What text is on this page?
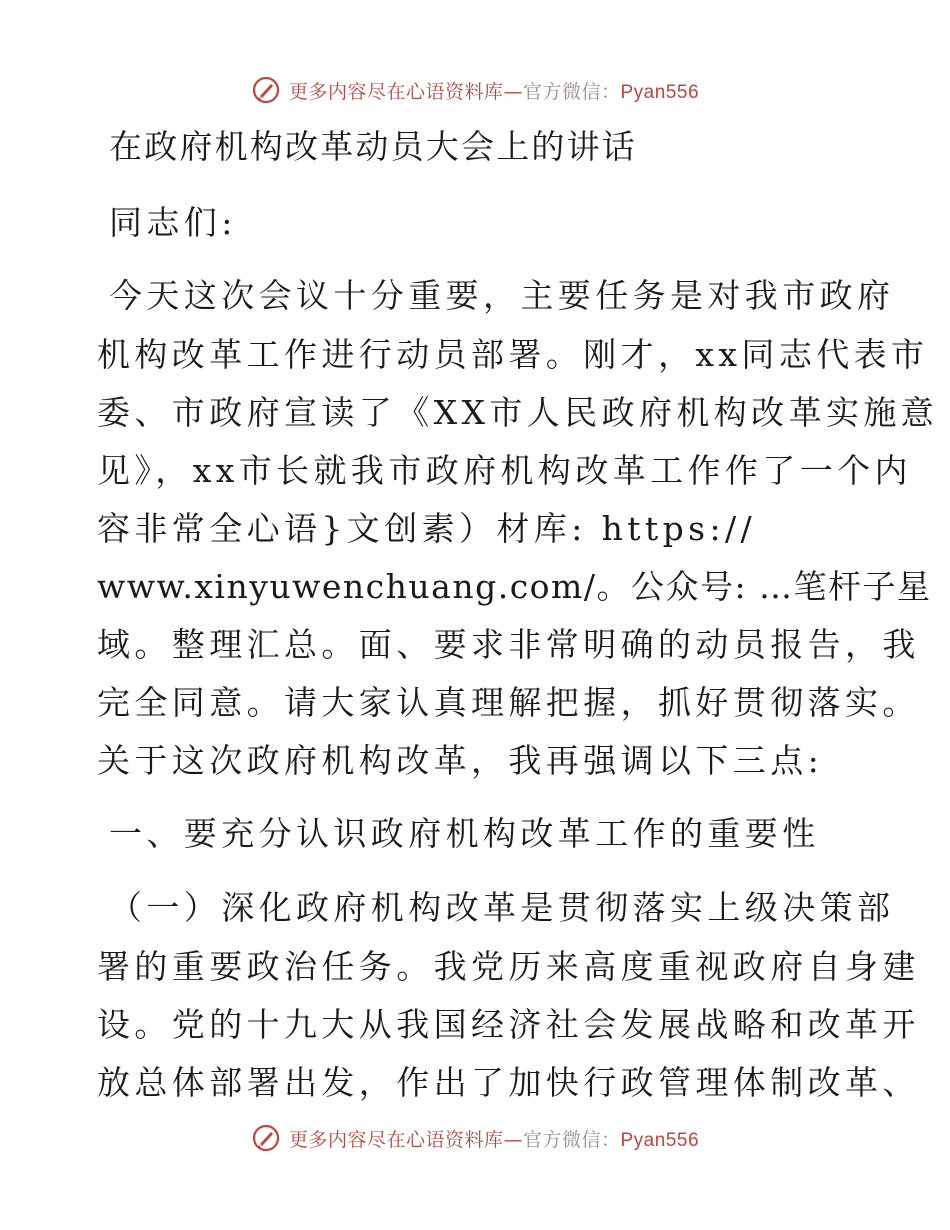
更多内容尽在心语资料库—官方微信：Pyan556
在政府机构改革动员大会上的讲话
同志们:
今天这次会议十分重要，主要任务是对我市政府
机构改革工作进行动员部署。刚才，xx同志代表市
委、市政府宣读了《XX市人民政府机构改革实施意
见》，xx市长就我市政府机构改革工作作了一个内
容非常全心语}文创素）材库: https://
www.xinyuwenchuang.com/。公众号: …笔杆子星
域。整理汇总。面、要求非常明确的动员报告，我
完全同意。请大家认真理解把握，抓好贯彻落实。
关于这次政府机构改革，我再强调以下三点:
一、要充分认识政府机构改革工作的重要性
（一）深化政府机构改革是贯彻落实上级决策部
署的重要政治任务。我党历来高度重视政府自身建
设。党的十九大从我国经济社会发展战略和改革开
放总体部署出发，作出了加快行政管理体制改革、
更多内容尽在心语资料库—官方微信：Pyan556
